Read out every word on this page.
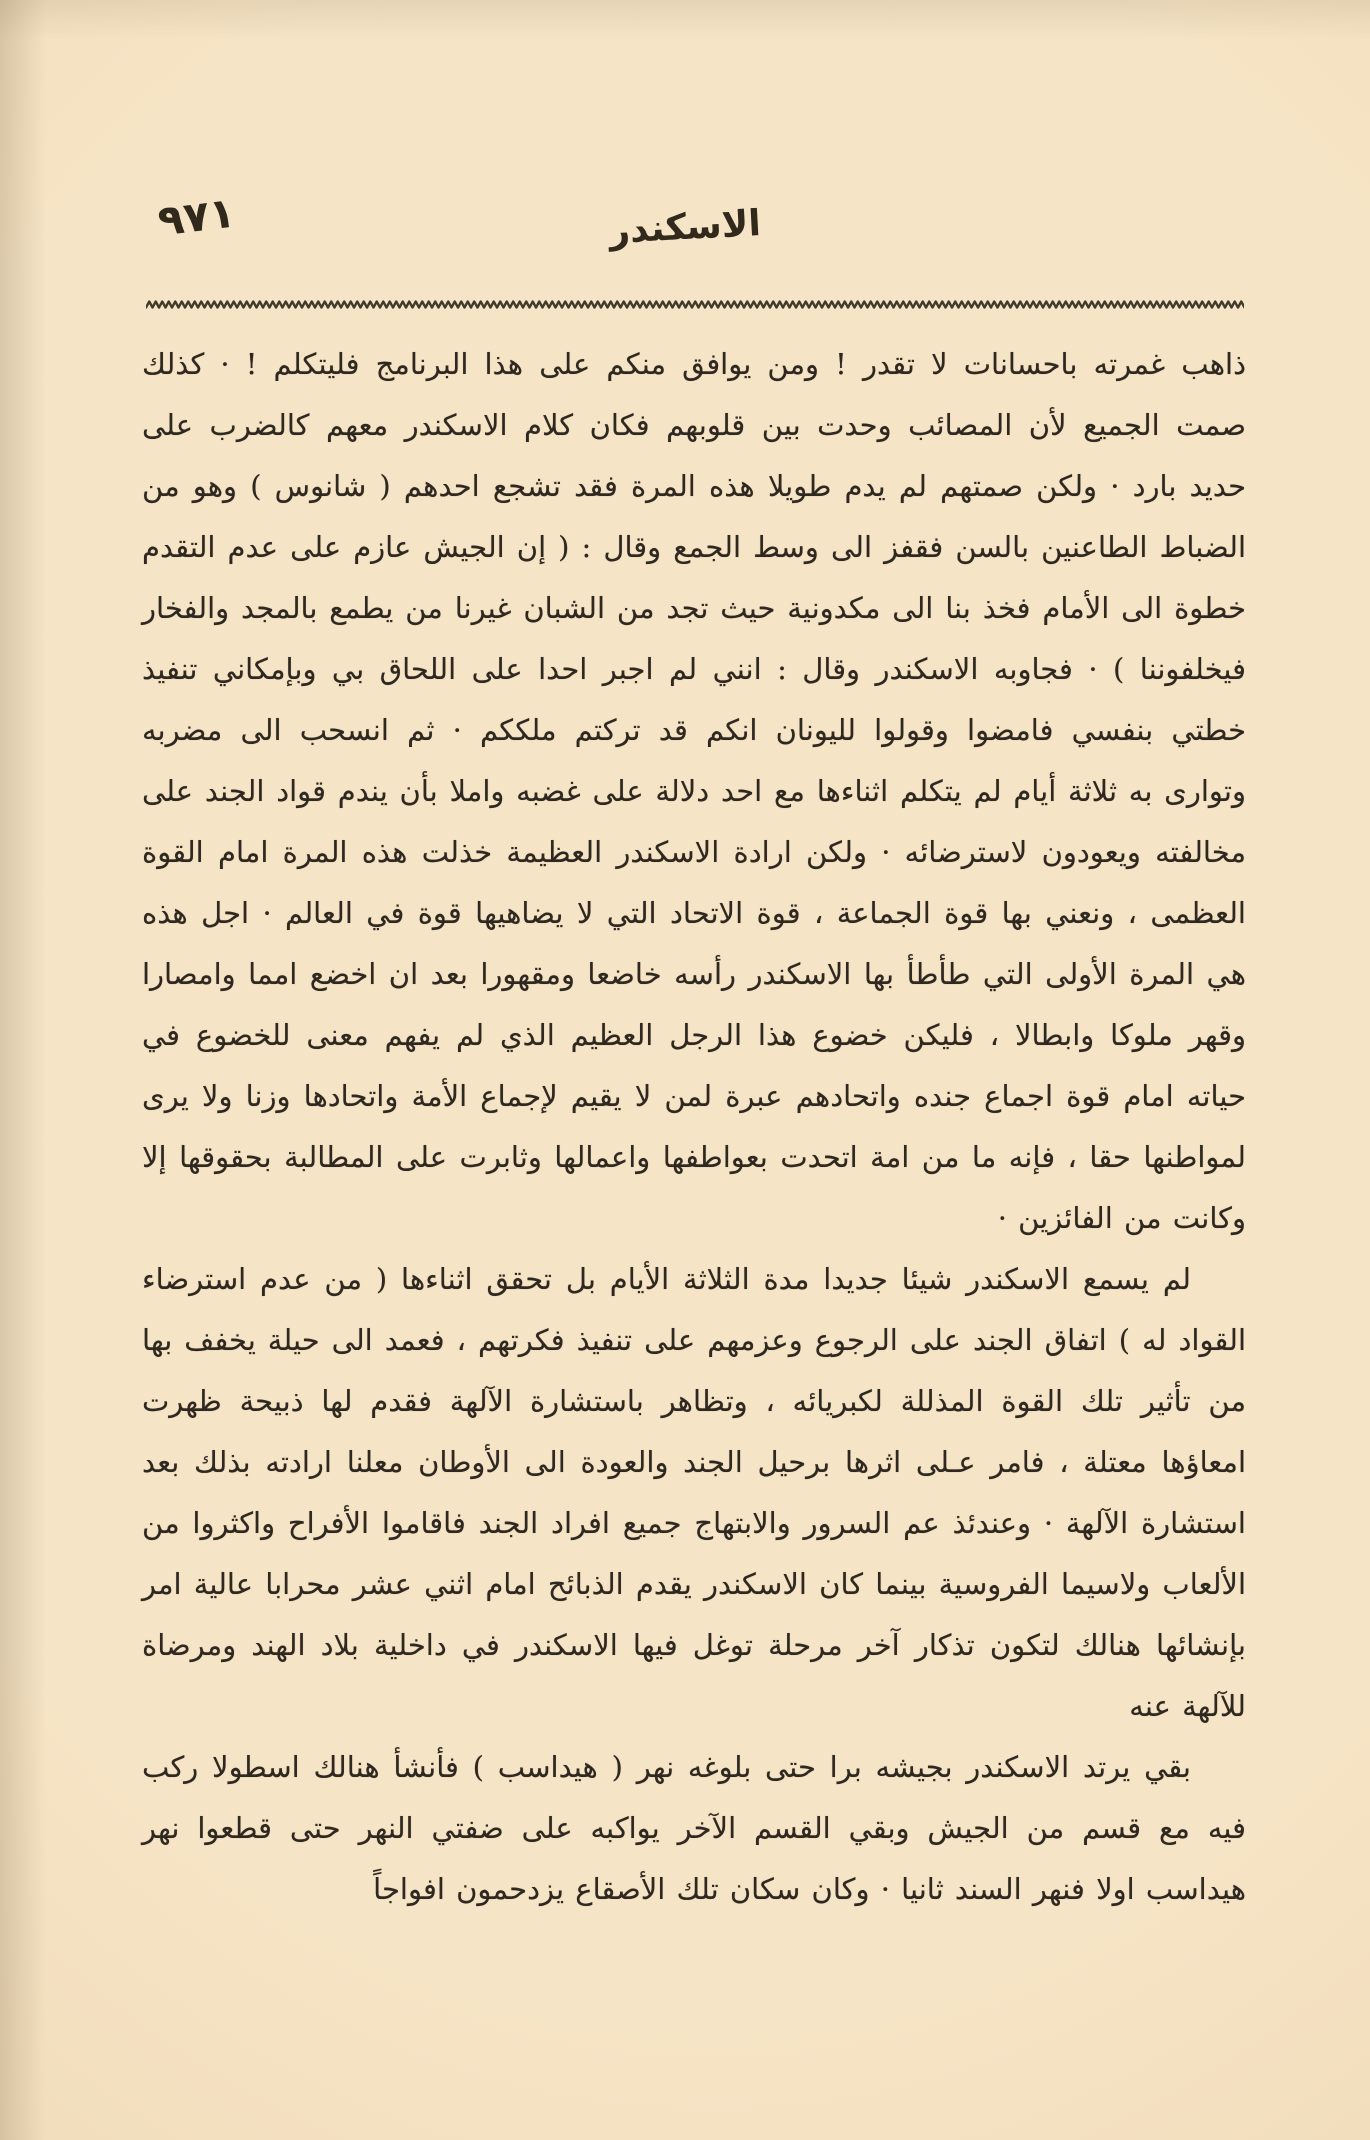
٩٧١	الاسكندر

ذاهب غمرته باحسانات لا تقدر ! ومن يوافق منكم على هذا البرنامج فليتكلم ! · كذلك صمت الجميع لأن المصائب وحدت بين قلوبهم فكان كلام الاسكندر معهم كالضرب على حديد بارد · ولكن صمتهم لم يدم طويلا هذه المرة فقد تشجع احدهم ( شانوس ) وهو من الضباط الطاعنين بالسن فقفز الى وسط الجمع وقال : ( إن الجيش عازم على عدم التقدم خطوة الى الأمام فخذ بنا الى مكدونية حيث تجد من الشبان غيرنا من يطمع بالمجد والفخار فيخلفوننا ) · فجاوبه الاسكندر وقال : انني لم اجبر احدا على اللحاق بي وبإمكاني تنفيذ خطتي بنفسي فامضوا وقولوا لليونان انكم قد تركتم ملككم · ثم انسحب الى مضربه وتوارى به ثلاثة أيام لم يتكلم اثناءها مع احد دلالة على غضبه واملا بأن يندم قواد الجند على مخالفته ويعودون لاسترضائه · ولكن ارادة الاسكندر العظيمة خذلت هذه المرة امام القوة العظمى ، ونعني بها قوة الجماعة ، قوة الاتحاد التي لا يضاهيها قوة في العالم · اجل هذه هي المرة الأولى التي طأطأ بها الاسكندر رأسه خاضعا ومقهورا بعد ان اخضع امما وامصارا وقهر ملوكا وابطالا ، فليكن خضوع هذا الرجل العظيم الذي لم يفهم معنى للخضوع في حياته امام قوة اجماع جنده واتحادهم عبرة لمن لا يقيم لإجماع الأمة واتحادها وزنا ولا يرى لمواطنها حقا ، فإنه ما من امة اتحدت بعواطفها واعمالها وثابرت على المطالبة بحقوقها إلا وكانت من الفائزين ·

لم يسمع الاسكندر شيئا جديدا مدة الثلاثة الأيام بل تحقق اثناءها ( من عدم استرضاء القواد له ) اتفاق الجند على الرجوع وعزمهم على تنفيذ فكرتهم ، فعمد الى حيلة يخفف بها من تأثير تلك القوة المذللة لكبريائه ، وتظاهر باستشارة الآلهة فقدم لها ذبيحة ظهرت امعاؤها معتلة ، فامر عـلى اثرها برحيل الجند والعودة الى الأوطان معلنا ارادته بذلك بعد استشارة الآلهة · وعندئذ عم السرور والابتهاج جميع افراد الجند فاقاموا الأفراح واكثروا من الألعاب ولاسيما الفروسية بينما كان الاسكندر يقدم الذبائح امام اثني عشر محرابا عالية امر بإنشائها هنالك لتكون تذكار آخر مرحلة توغل فيها الاسكندر في داخلية بلاد الهند ومرضاة للآلهة عنه

بقي يرتد الاسكندر بجيشه برا حتى بلوغه نهر ( هيداسب ) فأنشأ هنالك اسطولا ركب فيه مع قسم من الجيش وبقي القسم الآخر يواكبه على ضفتي النهر حتى قطعوا نهر هيداسب اولا فنهر السند ثانيا · وكان سكان تلك الأصقاع يزدحمون افواجاً
